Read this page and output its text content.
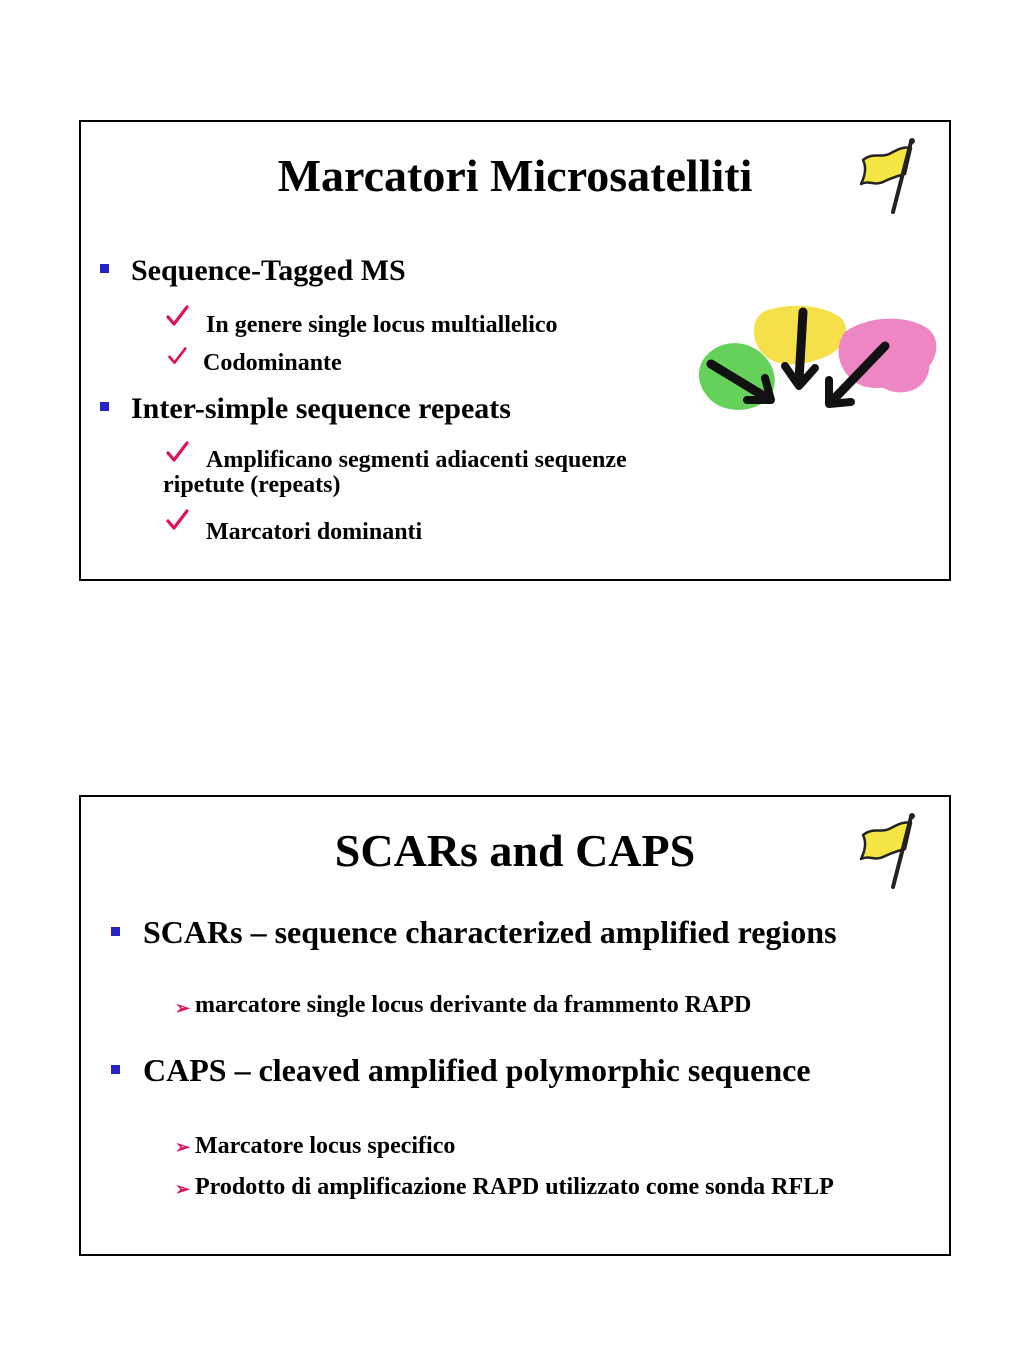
Marcatori Microsatelliti
Sequence-Tagged MS
In genere single locus multiallelico
Codominante
Inter-simple sequence repeats
Amplificano segmenti adiacenti sequenze ripetute (repeats)
Marcatori dominanti
SCARs and CAPS
SCARs – sequence characterized amplified regions
➢ marcatore single locus derivante da frammento RAPD
CAPS – cleaved amplified polymorphic sequence
➢ Marcatore locus specifico
➢ Prodotto di amplificazione RAPD utilizzato come sonda RFLP
